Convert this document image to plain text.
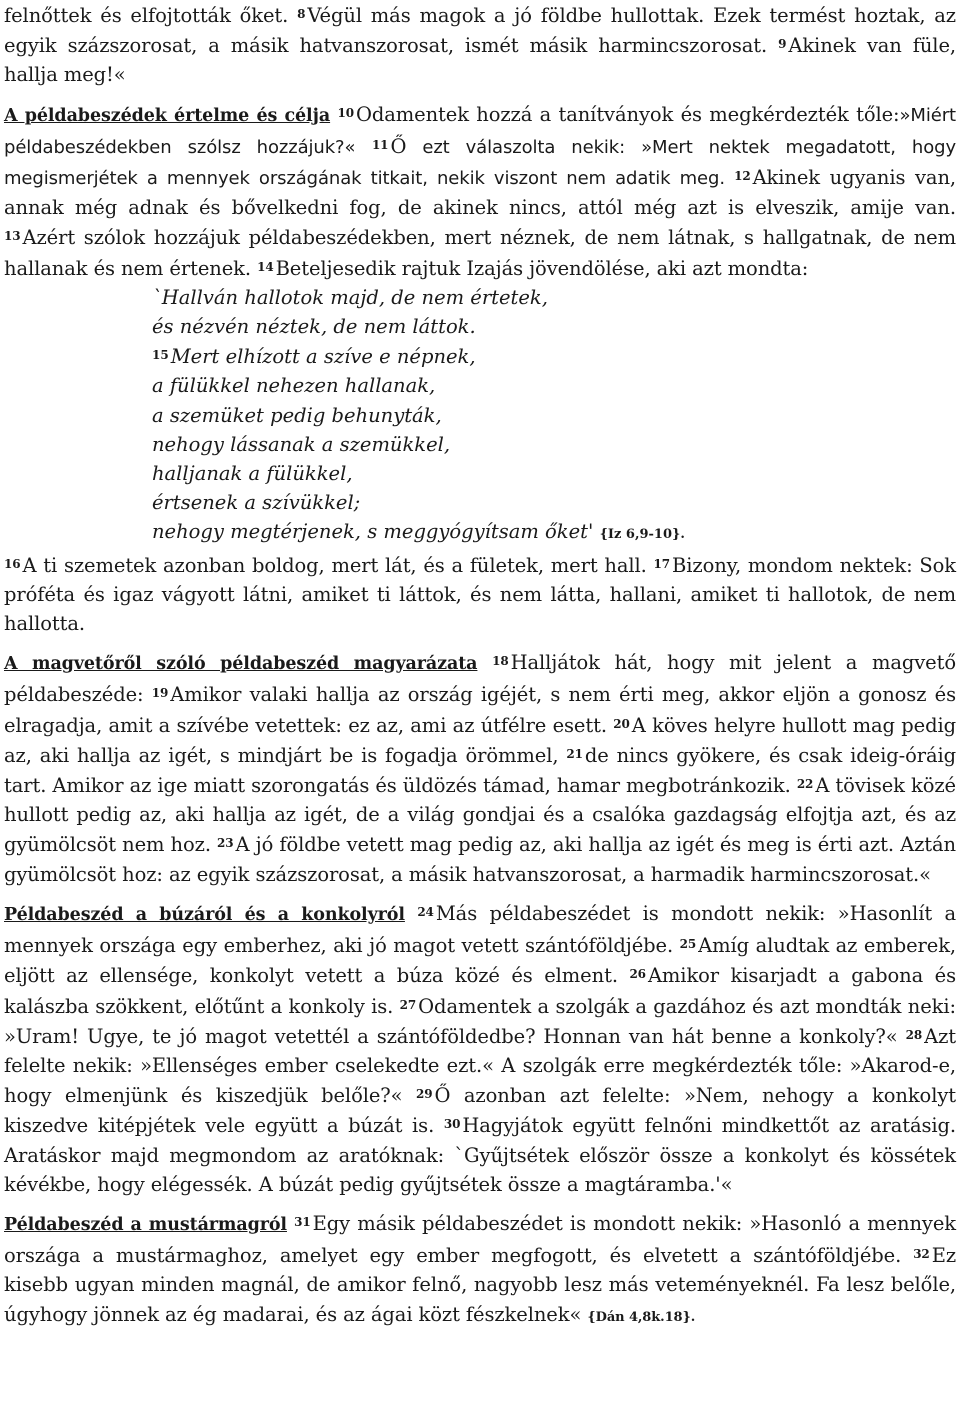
felnőttek és elfojtották őket. $^8$ Végül más magok a jó földbe hullottak. Ezek termést hoztak, az egyik százszorosat, a másik hatvanszorosat, ismét másik harmincszorosat. $^9$ Akinek van füle, hallja meg!«

A példabeszédek értelme és célja $^{10}$ Odamentek hozzá a tanítványok és megkérdezték tőle:»Miért példabeszédekben szólsz hozzájuk?« $^{11}$ Ő ezt válaszolta nekik: »Mert nektek megadatott, hogy megismerjétek a mennyek országának titkait, nekik viszont nem adatik meg. $^{12}$ Akinek ugyanis van, annak még adnak és bővelkedni fog, de akinek nincs, attól még azt is elveszik, amije van. $^{13}$ Azért szólok hozzájuk példabeszédekben, mert néznek, de nem látnak, s hallgatnak, de nem hallanak és nem értenek. $^{14}$ Beteljesedik rajtuk Izajás jövendölése, aki azt mondta:

`Hallván hallotok majd, de nem értetek,
és nézvén néztek, de nem láttok.
$^{15}$ Mert elhízott a szíve e népnek,
a fülükkel nehezen hallanak,
a szemüket pedig behunyták,
nehogy lássanak a szemükkel,
halljanak a fülükkel,
értsenek a szívükkel;
nehogy megtérjenek, s meggyógyítsam őket' {Iz 6,9-10}.

$^{16}$ A ti szemetek azonban boldog, mert lát, és a fületek, mert hall. $^{17}$ Bizony, mondom nektek: Sok próféta és igaz vágyott látni, amiket ti láttok, és nem látta, hallani, amiket ti hallotok, de nem hallotta.

A magvetőről szóló példabeszéd magyarázata $^{18}$ Halljátok hát, hogy mit jelent a magvető példabeszéde: $^{19}$ Amikor valaki hallja az ország igéjét, s nem érti meg, akkor eljön a gonosz és elragadja, amit a szívébe vetettek: ez az, ami az útfélre esett. $^{20}$ A köves helyre hullott mag pedig az, aki hallja az igét, s mindjárt be is fogadja örömmel, $^{21}$ de nincs gyökere, és csak ideig-óráig tart. Amikor az ige miatt szorongatás és üldözés támad, hamar megbotránkozik. $^{22}$ A tövisek közé hullott pedig az, aki hallja az igét, de a világ gondjai és a csalóka gazdagság elfojtja azt, és az gyümölcsöt nem hoz. $^{23}$ A jó földbe vetett mag pedig az, aki hallja az igét és meg is érti azt. Aztán gyümölcsöt hoz: az egyik százszorosat, a másik hatvanszorosat, a harmadik harmincszorosat.«

Példabeszéd a búzáról és a konkolyról $^{24}$ Más példabeszédet is mondott nekik: »Hasonlít a mennyek országa egy emberhez, aki jó magot vetett szántóföldjébe. $^{25}$ Amíg aludtak az emberek, eljött az ellensége, konkolyt vetett a búza közé és elment. $^{26}$ Amikor kisarjadt a gabona és kalászba szökkent, előtűnt a konkoly is. $^{27}$ Odamentek a szolgák a gazdához és azt mondták neki: »Uram! Ugye, te jó magot vetettél a szántóföldedbe? Honnan van hát benne a konkoly?« $^{28}$ Azt felelte nekik: »Ellenséges ember cselekedte ezt.« A szolgák erre megkérdezték tőle: »Akarod-e, hogy elmenjünk és kiszedjük belőle?« $^{29}$ Ő azonban azt felelte: »Nem, nehogy a konkolyt kiszedve kitépjétek vele együtt a búzát is. $^{30}$ Hagyjátok együtt felnőni mindkettőt az aratásig. Aratáskor majd megmondom az aratóknak: `Gyűjtsétek először össze a konkolyt és kössétek kévékbe, hogy elégessék. A búzát pedig gyűjtsétek össze a magtáramba.'«

Példabeszéd a mustármagról $^{31}$ Egy másik példabeszédet is mondott nekik: »Hasonló a mennyek országa a mustármaghoz, amelyet egy ember megfogott, és elvetett a szántóföldjébe. $^{32}$ Ez kisebb ugyan minden magnál, de amikor felnő, nagyobb lesz más veteményeknél. Fa lesz belőle, úgyhogy jönnek az ég madarai, és az ágai közt fészkelnek« {Dán 4,8k.18}.
